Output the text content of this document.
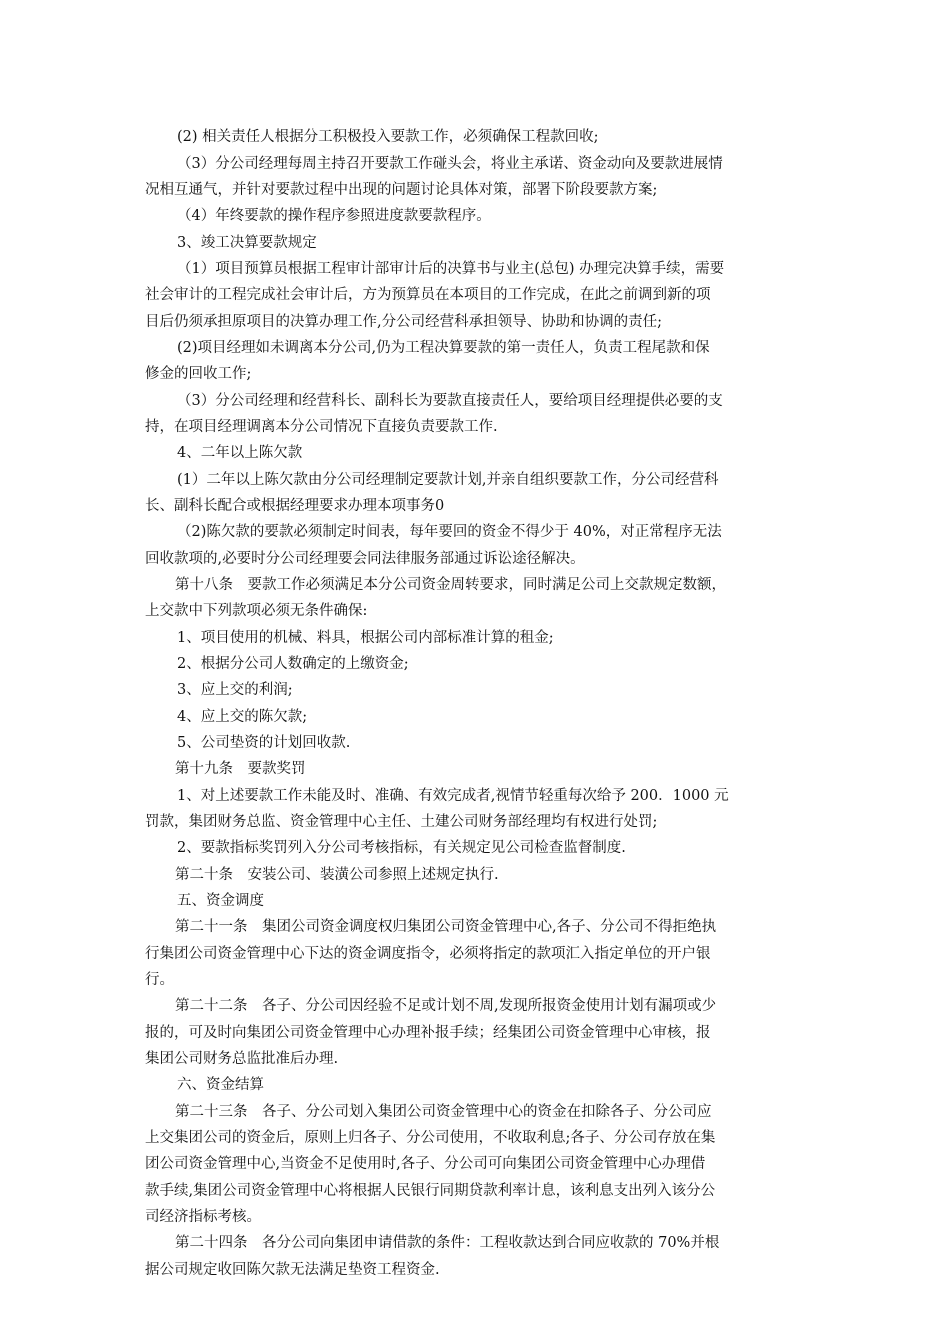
(2) 相关责任人根据分工积极投入要款工作，必须确保工程款回收;
（3）分公司经理每周主持召开要款工作碰头会，将业主承诺、资金动向及要款进展情
况相互通气，并针对要款过程中出现的问题讨论具体对策，部署下阶段要款方案;
（4）年终要款的操作程序参照进度款要款程序。
3、竣工决算要款规定
（1）项目预算员根据工程审计部审计后的决算书与业主(总包) 办理完决算手续，需要
社会审计的工程完成社会审计后，方为预算员在本项目的工作完成，在此之前调到新的项
目后仍须承担原项目的决算办理工作,分公司经营科承担领导、协助和协调的责任;
(2)项目经理如未调离本分公司,仍为工程决算要款的第一责任人，负责工程尾款和保
修金的回收工作;
（3）分公司经理和经营科长、副科长为要款直接责任人，要给项目经理提供必要的支
持，在项目经理调离本分公司情况下直接负责要款工作.
4、二年以上陈欠款
(1）二年以上陈欠款由分公司经理制定要款计划,并亲自组织要款工作，分公司经营科
长、副科长配合或根据经理要求办理本项事务0
（2)陈欠款的要款必须制定时间表，每年要回的资金不得少于 40%，对正常程序无法
回收款项的,必要时分公司经理要会同法律服务部通过诉讼途径解决。
第十八条　要款工作必须满足本分公司资金周转要求，同时满足公司上交款规定数额，
上交款中下列款项必须无条件确保:
1、项目使用的机械、料具，根据公司内部标准计算的租金;
2、根据分公司人数确定的上缴资金;
3、应上交的利润;
4、应上交的陈欠款;
5、公司垫资的计划回收款.
第十九条　要款奖罚
1、对上述要款工作未能及时、准确、有效完成者,视情节轻重每次给予 200．1000 元
罚款，集团财务总监、资金管理中心主任、土建公司财务部经理均有权进行处罚;
2、要款指标奖罚列入分公司考核指标，有关规定见公司检查监督制度.
第二十条　安装公司、装潢公司参照上述规定执行.
五、资金调度
第二十一条　集团公司资金调度权归集团公司资金管理中心,各子、分公司不得拒绝执
行集团公司资金管理中心下达的资金调度指令，必须将指定的款项汇入指定单位的开户银
行。
第二十二条　各子、分公司因经验不足或计划不周,发现所报资金使用计划有漏项或少
报的，可及时向集团公司资金管理中心办理补报手续；经集团公司资金管理中心审核，报
集团公司财务总监批准后办理.
六、资金结算
第二十三条　各子、分公司划入集团公司资金管理中心的资金在扣除各子、分公司应
上交集团公司的资金后，原则上归各子、分公司使用，不收取利息;各子、分公司存放在集
团公司资金管理中心,当资金不足使用时,各子、分公司可向集团公司资金管理中心办理借
款手续,集团公司资金管理中心将根据人民银行同期贷款利率计息，该利息支出列入该分公
司经济指标考核。
第二十四条　各分公司向集团申请借款的条件：工程收款达到合同应收款的 70%并根
据公司规定收回陈欠款无法满足垫资工程资金.
